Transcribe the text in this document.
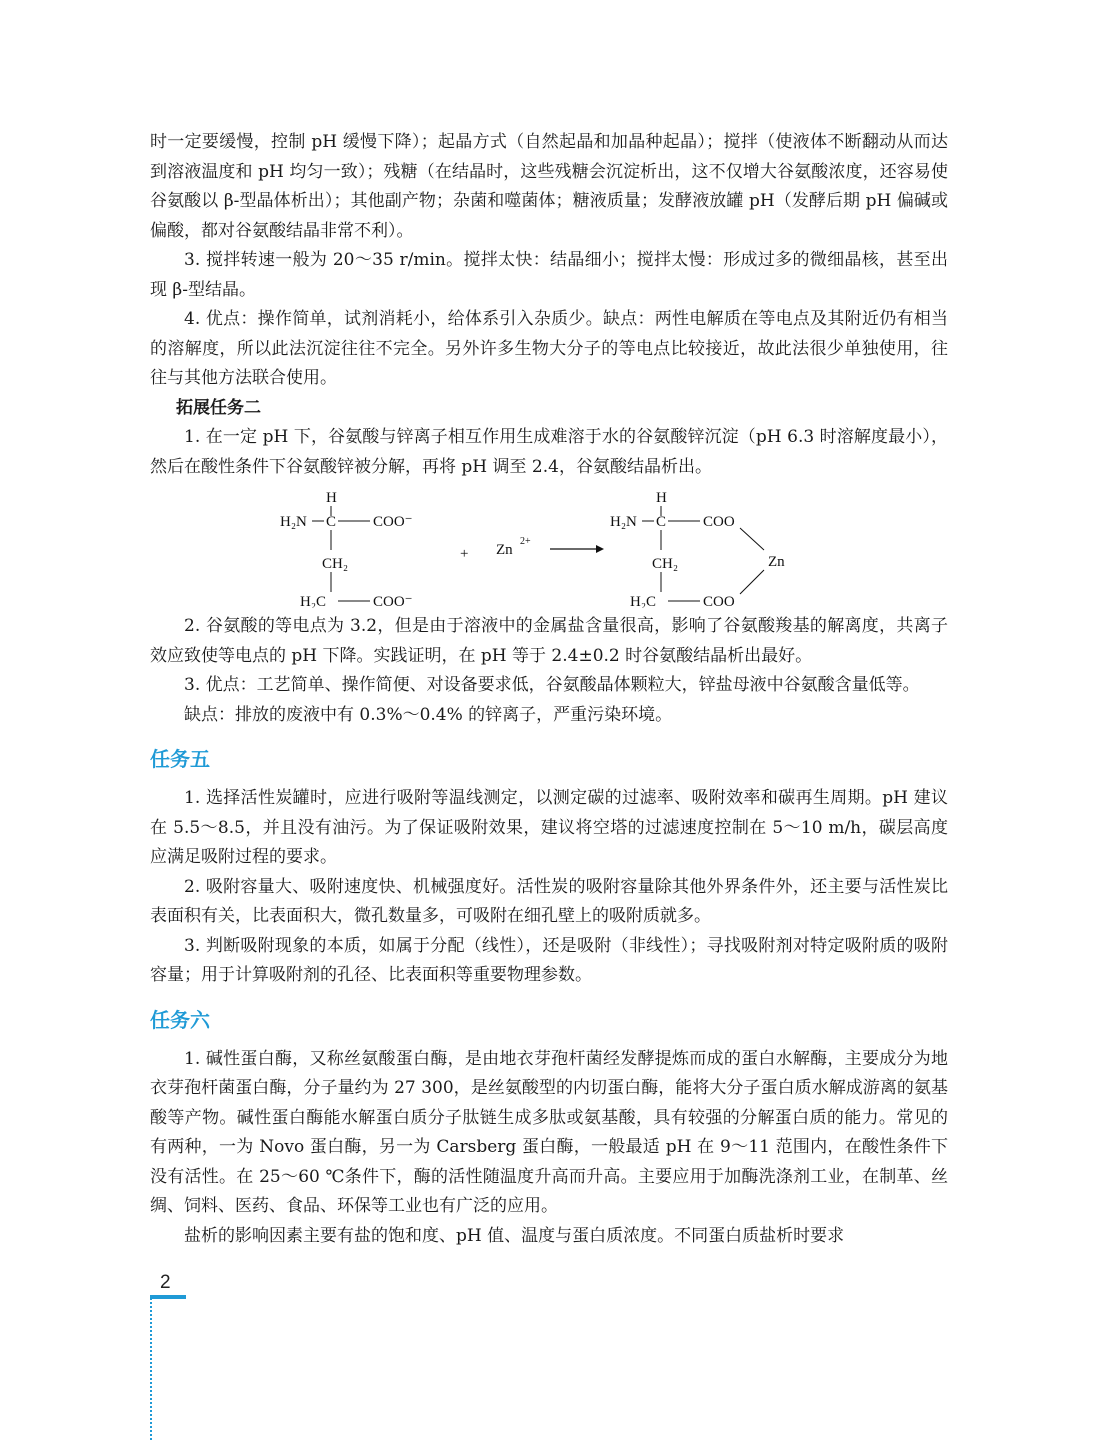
时一定要缓慢，控制 pH 缓慢下降）；起晶方式（自然起晶和加晶种起晶）；搅拌（使液体不断翻动从而达到溶液温度和 pH 均匀一致）；残糖（在结晶时，这些残糖会沉淀析出，这不仅增大谷氨酸浓度，还容易使谷氨酸以 β-型晶体析出）；其他副产物；杂菌和噬菌体；糖液质量；发酵液放罐 pH（发酵后期 pH 偏碱或偏酸，都对谷氨酸结晶非常不利）。

3. 搅拌转速一般为 20～35 r/min。搅拌太快：结晶细小；搅拌太慢：形成过多的微细晶核，甚至出现 β-型结晶。

4. 优点：操作简单，试剂消耗小，给体系引入杂质少。缺点：两性电解质在等电点及其附近仍有相当的溶解度，所以此法沉淀往往不完全。另外许多生物大分子的等电点比较接近，故此法很少单独使用，往往与其他方法联合使用。

拓展任务二

1. 在一定 pH 下，谷氨酸与锌离子相互作用生成难溶于水的谷氨酸锌沉淀（pH 6.3 时溶解度最小），然后在酸性条件下谷氨酸锌被分解，再将 pH 调至 2.4，谷氨酸结晶析出。

H
H₂N C COO⁻
CH₂
H₂C	COO⁻
+ Zn
2+
H
H₂N C COO
CH₂
H₂C	COO
Zn

2. 谷氨酸的等电点为 3.2，但是由于溶液中的金属盐含量很高，影响了谷氨酸羧基的解离度，共离子效应致使等电点的 pH 下降。实践证明，在 pH 等于 2.4±0.2 时谷氨酸结晶析出最好。

3. 优点：工艺简单、操作简便、对设备要求低，谷氨酸晶体颗粒大，锌盐母液中谷氨酸含量低等。

缺点：排放的废液中有 0.3%～0.4% 的锌离子，严重污染环境。

任务五

1. 选择活性炭罐时，应进行吸附等温线测定，以测定碳的过滤率、吸附效率和碳再生周期。pH 建议在 5.5～8.5，并且没有油污。为了保证吸附效果，建议将空塔的过滤速度控制在 5～10 m/h，碳层高度应满足吸附过程的要求。

2. 吸附容量大、吸附速度快、机械强度好。活性炭的吸附容量除其他外界条件外，还主要与活性炭比表面积有关，比表面积大，微孔数量多，可吸附在细孔壁上的吸附质就多。

3. 判断吸附现象的本质，如属于分配（线性），还是吸附（非线性）；寻找吸附剂对特定吸附质的吸附容量；用于计算吸附剂的孔径、比表面积等重要物理参数。

任务六

1. 碱性蛋白酶，又称丝氨酸蛋白酶，是由地衣芽孢杆菌经发酵提炼而成的蛋白水解酶，主要成分为地衣芽孢杆菌蛋白酶，分子量约为 27 300，是丝氨酸型的内切蛋白酶，能将大分子蛋白质水解成游离的氨基酸等产物。碱性蛋白酶能水解蛋白质分子肽链生成多肽或氨基酸，具有较强的分解蛋白质的能力。常见的有两种，一为 Novo 蛋白酶，另一为 Carsberg 蛋白酶，一般最适 pH 在 9～11 范围内，在酸性条件下没有活性。在 25～60 ℃条件下，酶的活性随温度升高而升高。主要应用于加酶洗涤剂工业，在制革、丝绸、饲料、医药、食品、环保等工业也有广泛的应用。

盐析的影响因素主要有盐的饱和度、pH 值、温度与蛋白质浓度。不同蛋白质盐析时要求

2
